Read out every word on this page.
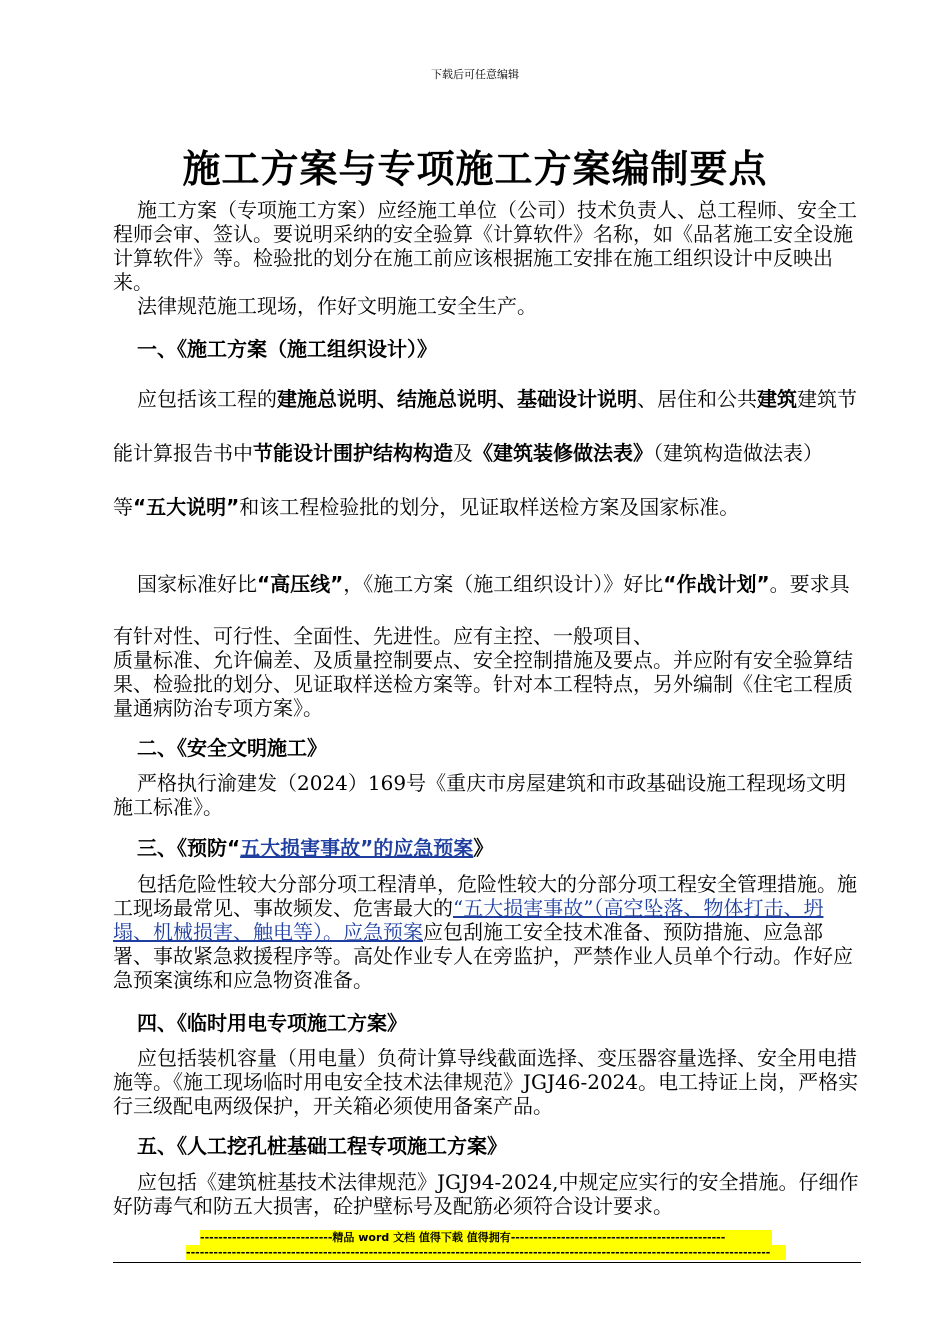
下载后可任意编辑
施工方案与专项施工方案编制要点

施工方案（专项施工方案）应经施工单位（公司）技术负责人、总工程师、安全工程师会审、签认。要说明采纳的安全验算《计算软件》名称，如《品茗施工安全设施计算软件》等。检验批的划分在施工前应该根据施工安排在施工组织设计中反映出来。

法律规范施工现场，作好文明施工安全生产。

一、《施工方案（施工组织设计）》

应包括该工程的建施总说明、结施总说明、基础设计说明、居住和公共建筑建筑节能计算报告书中节能设计围护结构构造及《建筑装修做法表》（建筑构造做法表）等“五大说明”和该工程检验批的划分，见证取样送检方案及国家标准。

国家标准好比“高压线”，《施工方案（施工组织设计）》好比“作战计划”。要求具有针对性、可行性、全面性、先进性。应有主控、一般项目、

质量标准、允许偏差、及质量控制要点、安全控制措施及要点。并应附有安全验算结果、检验批的划分、见证取样送检方案等。针对本工程特点，另外编制《住宅工程质量通病防治专项方案》。

二、《安全文明施工》

严格执行渝建发（2024）169号《重庆市房屋建筑和市政基础设施工程现场文明施工标准》。

三、《预防“五大损害事故”的应急预案》

包括危险性较大分部分项工程清单，危险性较大的分部分项工程安全管理措施。施工现场最常见、事故频发、危害最大的“五大损害事故”（高空坠落、物体打击、坍塌、机械损害、触电等）。应急预案应包刮施工安全技术准备、预防措施、应急部署、事故紧急救援程序等。高处作业专人在旁监护，严禁作业人员单个行动。作好应急预案演练和应急物资准备。

四、《临时用电专项施工方案》

应包括装机容量（用电量）负荷计算导线截面选择、变压器容量选择、安全用电措施等。《施工现场临时用电安全技术法律规范》JGJ46-2024。电工持证上岗，严格实行三级配电两级保护，开关箱必须使用备案产品。

五、《人工挖孔桩基础工程专项施工方案》

应包括《建筑桩基技术法律规范》JGJ94-2024,中规定应实行的安全措施。仔细作好防毒气和防五大损害，砼护壁标号及配筋必须符合设计要求。

-----------------------------精品 word 文档 值得下载 值得拥有-----------------------------------------------
--------------------------------------------------------------------------------------------------------------------------------
